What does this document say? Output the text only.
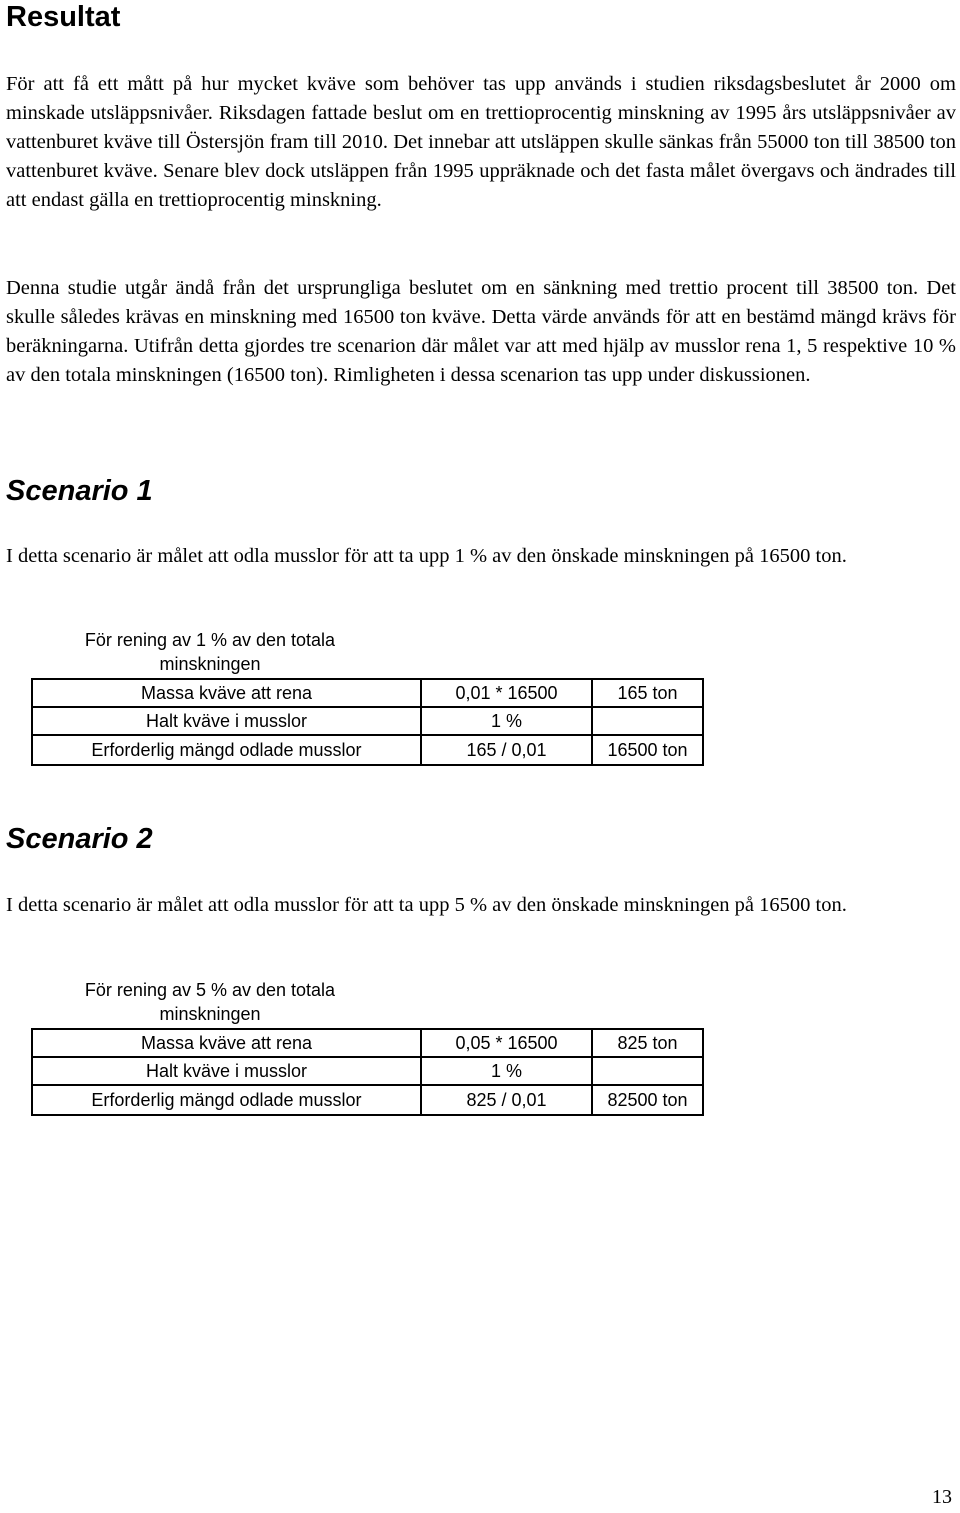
Resultat

För att få ett mått på hur mycket kväve som behöver tas upp används i studien riksdagsbeslutet år 2000 om minskade utsläppsnivåer. Riksdagen fattade beslut om en trettioprocentig minskning av 1995 års utsläppsnivåer av vattenburet kväve till Östersjön fram till 2010. Det innebar att utsläppen skulle sänkas från 55000 ton till 38500 ton vattenburet kväve. Senare blev dock utsläppen från 1995 uppräknade och det fasta målet övergavs och ändrades till att endast gälla en trettioprocentig minskning.

Denna studie utgår ändå från det ursprungliga beslutet om en sänkning med trettio procent till 38500 ton. Det skulle således krävas en minskning med 16500 ton kväve. Detta värde används för att en bestämd mängd krävs för beräkningarna. Utifrån detta gjordes tre scenarion där målet var att med hjälp av musslor rena 1, 5 respektive 10 % av den totala minskningen (16500 ton). Rimligheten i dessa scenarion tas upp under diskussionen.

Scenario 1

I detta scenario är målet att odla musslor för att ta upp 1 % av den önskade minskningen på 16500 ton.

För rening av 1 % av den totala minskningen
Massa kväve att rena	0,01 * 16500	165 ton
Halt kväve i musslor	1 %	
Erforderlig mängd odlade musslor	165 / 0,01	16500 ton
Scenario 2

I detta scenario är målet att odla musslor för att ta upp 5 % av den önskade minskningen på 16500 ton.

För rening av 5 % av den totala minskningen
Massa kväve att rena	0,05 * 16500	825 ton
Halt kväve i musslor	1 %	
Erforderlig mängd odlade musslor	825 / 0,01	82500 ton
13
